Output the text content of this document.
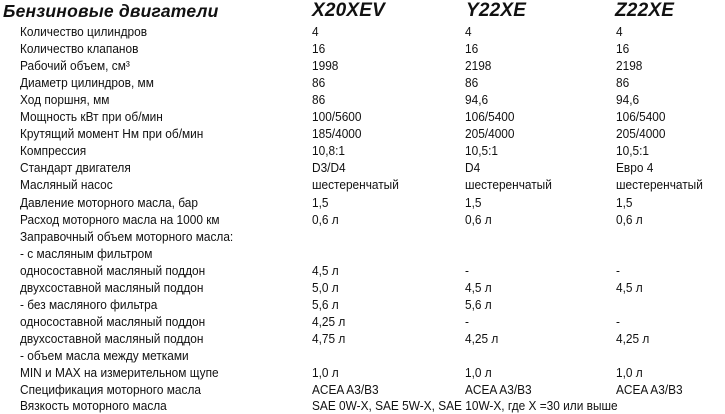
Бензиновые двигатели	X20XEV	Y22XE	Z22XE
Количество цилиндров	4	4	4
Количество клапанов	16	16	16
Рабочий объем, см³	1998	2198	2198
Диаметр цилиндров, мм	86	86	86
Ход поршня, мм	86	94,6	94,6
Мощность кВт при об/мин	100/5600	106/5400	106/5400
Крутящий момент Нм при об/мин	185/4000	205/4000	205/4000
Компрессия	10,8:1	10,5:1	10,5:1
Стандарт двигателя	D3/D4	D4	Евро 4
Масляный насос	шестеренчатый	шестеренчатый	шестеренчатый
Давление моторного масла, бар	1,5	1,5	1,5
Расход моторного масла на 1000 км	0,6 л	0,6 л	0,6 л
Заправочный объем моторного масла:
- с масляным фильтром
односоставной масляный поддон	4,5 л	-	-
двухсоставной масляный поддон	5,0 л	4,5 л	4,5 л
- без масляного фильтра	5,6 л	5,6 л
односоставной масляный поддон	4,25 л	-	-
двухсоставной масляный поддон	4,75 л	4,25 л	4,25 л
- объем масла между метками
MIN и MAX на измерительном щупе	1,0 л	1,0 л	1,0 л
Спецификация моторного масла	ACEA A3/B3	ACEA A3/B3	ACEA A3/B3
Вязкость моторного масла	SAE 0W-X, SAE 5W-X, SAE 10W-X, где X =30 или выше
